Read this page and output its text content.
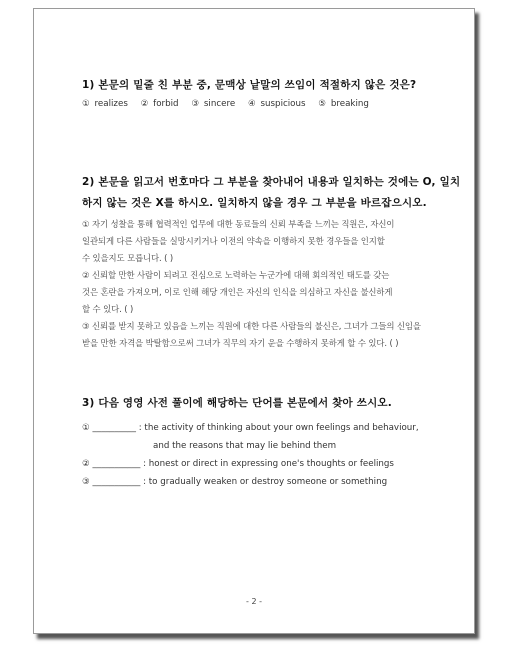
1) 본문의 밑줄 친 부분 중, 문맥상 낱말의 쓰임이 적절하지 않은 것은?
① realizes ② forbid ③ sincere ④ suspicious ⑤ breaking
2) 본문을 읽고서 번호마다 그 부분을 찾아내어 내용과 일치하는 것에는 O, 일치
하지 않는 것은 X를 하시오. 일치하지 않을 경우 그 부분을 바르잡으시오.
① 자기 성찰을 통해 협력적인 업무에 대한 동료들의 신뢰 부족을 느끼는 직원은, 자신이
일관되게 다른 사람들을 실망시키거나 이전의 약속을 이행하지 못한 경우들을 인지할
수 있을지도 모릅니다. ( )
② 신뢰할 만한 사람이 되려고 진심으로 노력하는 누군가에 대해 회의적인 태도를 갖는
것은 혼란을 가져오며, 이로 인해 해당 개인은 자신의 인식을 의심하고 자신을 불신하게
할 수 있다. ( )
③ 신뢰를 받지 못하고 있음을 느끼는 직원에 대한 다른 사람들의 불신은, 그녀가 그들의 신임을
받을 만한 자격을 박탈함으로써 그녀가 직무의 자기 운을 수행하지 못하게 할 수 있다. ( )
3) 다음 영영 사전 풀이에 해당하는 단어를 본문에서 찾아 쓰시오.
① __________ : the activity of thinking about your own feelings and behaviour,
and the reasons that may lie behind them
② ___________ : honest or direct in expressing one's thoughts or feelings
③ ___________ : to gradually weaken or destroy someone or something
- 2 -
